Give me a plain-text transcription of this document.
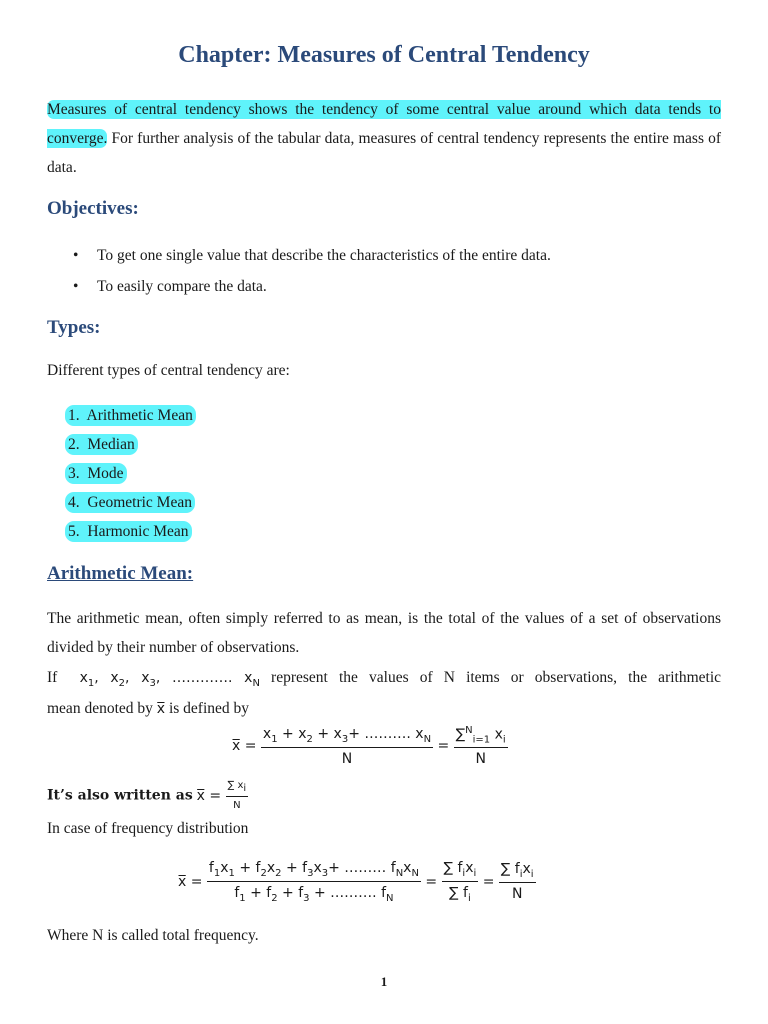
Chapter: Measures of Central Tendency
Measures of central tendency shows the tendency of some central value around which data tends to converge. For further analysis of the tabular data, measures of central tendency represents the entire mass of data.
Objectives:
• To get one single value that describe the characteristics of the entire data.
• To easily compare the data.
Types:
Different types of central tendency are:
1.  Arithmetic Mean
2.  Median
3.  Mode
4.  Geometric Mean
5.  Harmonic Mean
Arithmetic Mean:
The arithmetic mean, often simply referred to as mean, is the total of the values of a set of observations divided by their number of observations.
If $x_1$, $x_2$, $x_3$, …………. $x_N$ represent the values of N items or observations, the arithmetic
mean denoted by x̅ is defined by
x̅ = $\frac{x_1 + x_2 + x_3+ \dots\dots\dots. x_N}{N} = \frac{\sum^N_{i=1} x_i}{N}$
It’s also written as x̅ = $\frac{\sum x_i}{N}$
In case of frequency distribution
x̅ = $\frac{f_1x_1 + f_2x_2 + f_3x_3+ \dots\dots\dots f_Nx_N}{f_1 + f_2 + f_3 + \dots\dots\dots. f_N} = \frac{\sum f_ix_i}{\sum f_i} = \frac{\sum f_ix_i}{N}$
Where N is called total frequency.
1
